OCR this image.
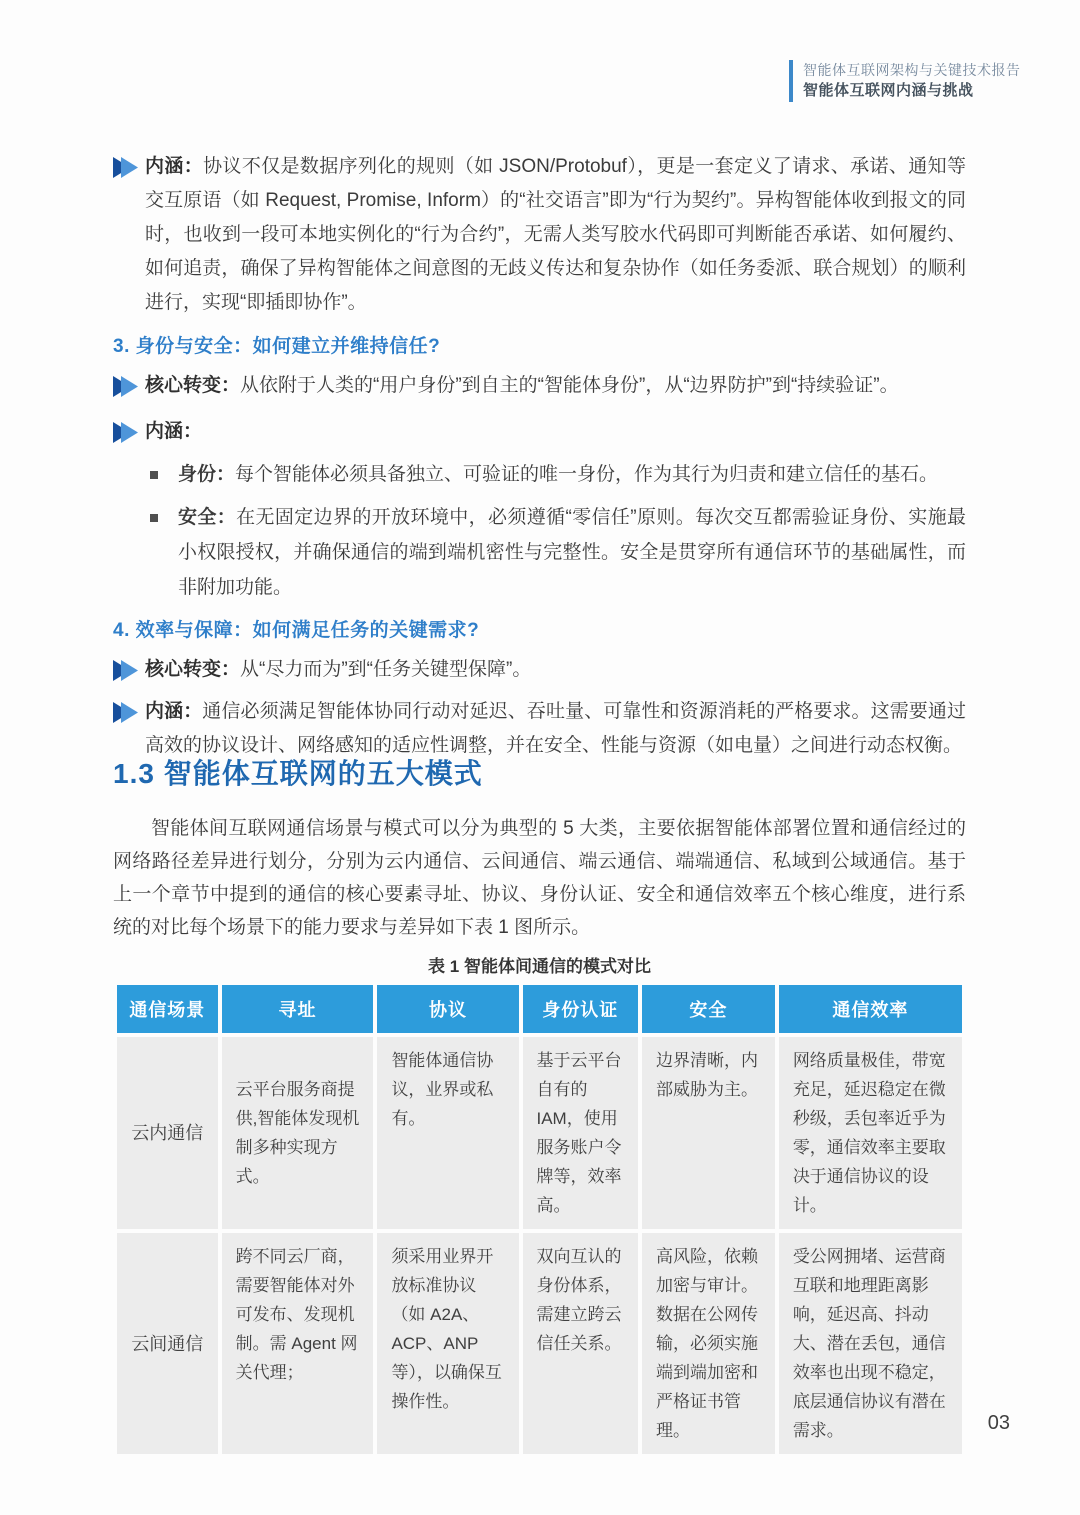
智能体互联网架构与关键技术报告
智能体互联网内涵与挑战

内涵：协议不仅是数据序列化的规则（如 JSON/Protobuf），更是一套定义了请求、承诺、通知等交互原语（如 Request, Promise, Inform）的“社交语言”即为“行为契约”。异构智能体收到报文的同时，也收到一段可本地实例化的“行为合约”，无需人类写胶水代码即可判断能否承诺、如何履约、如何追责，确保了异构智能体之间意图的无歧义传达和复杂协作（如任务委派、联合规划）的顺利进行，实现“即插即协作”。

3. 身份与安全：如何建立并维持信任?

核心转变：从依附于人类的“用户身份”到自主的“智能体身份”，从“边界防护”到“持续验证”。

内涵：

身份：每个智能体必须具备独立、可验证的唯一身份，作为其行为归责和建立信任的基石。

安全：在无固定边界的开放环境中，必须遵循“零信任”原则。每次交互都需验证身份、实施最小权限授权，并确保通信的端到端机密性与完整性。安全是贯穿所有通信环节的基础属性，而非附加功能。

4. 效率与保障：如何满足任务的关键需求?

核心转变：从“尽力而为”到“任务关键型保障”。

内涵：通信必须满足智能体协同行动对延迟、吞吐量、可靠性和资源消耗的严格要求。这需要通过高效的协议设计、网络感知的适应性调整，并在安全、性能与资源（如电量）之间进行动态权衡。

1.3 智能体互联网的五大模式

智能体间互联网通信场景与模式可以分为典型的 5 大类，主要依据智能体部署位置和通信经过的网络路径差异进行划分，分别为云内通信、云间通信、端云通信、端端通信、私域到公域通信。基于上一个章节中提到的通信的核心要素寻址、协议、身份认证、安全和通信效率五个核心维度，进行系统的对比每个场景下的能力要求与差异如下表 1 图所示。

表 1 智能体间通信的模式对比
通信场景	寻址	协议	身份认证	安全	通信效率
云内通信	云平台服务商提供,智能体发现机制多种实现方式。	智能体通信协议，业界或私有。	基于云平台自有的 IAM，使用服务账户令牌等，效率高。	边界清晰，内部威胁为主。	网络质量极佳，带宽充足，延迟稳定在微秒级，丢包率近乎为零，通信效率主要取决于通信协议的设计。
云间通信	跨不同云厂商，需要智能体对外可发布、发现机制。需 Agent 网关代理；	须采用业界开放标准协议（如 A2A、ACP、ANP 等），以确保互操作性。	双向互认的身份体系，需建立跨云信任关系。	高风险，依赖加密与审计。数据在公网传输，必须实施端到端加密和严格证书管理。	受公网拥堵、运营商互联和地理距离影响，延迟高、抖动大、潜在丢包，通信效率也出现不稳定，底层通信协议有潜在需求。	03
